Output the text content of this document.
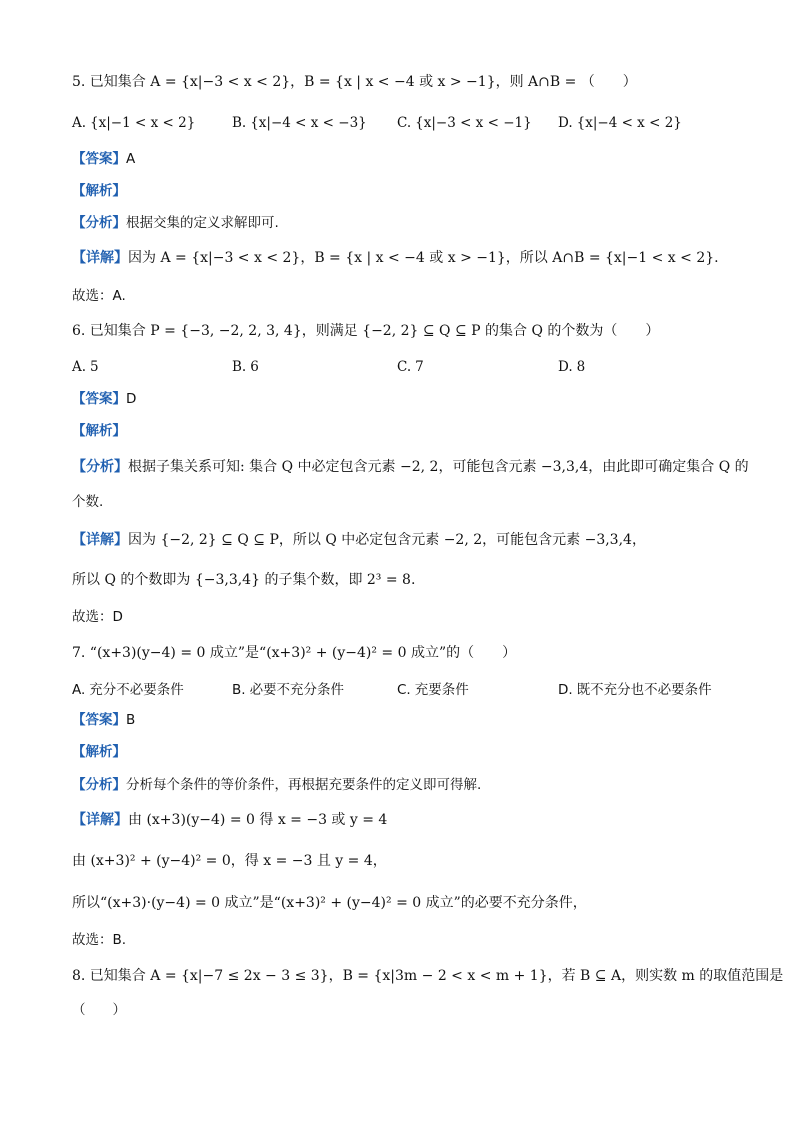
5. 已知集合 A = {x|−3 < x < 2}，B = {x | x < −4 或 x > −1}，则 A∩B = （　　）
A. {x|−1 < x < 2}	B. {x|−4 < x < −3} C. {x|−3 < x < −1} D. {x|−4 < x < 2}
【答案】A
【解析】
【分析】根据交集的定义求解即可.
【详解】因为 A = {x|−3 < x < 2}，B = {x | x < −4 或 x > −1}，所以 A∩B = {x|−1 < x < 2}.
故选：A.
6. 已知集合 P = {−3, −2, 2, 3, 4}，则满足 {−2, 2} ⊆ Q ⊆ P 的集合 Q 的个数为（　　）
A. 5	B. 6	C. 7	D. 8
【答案】D
【解析】
【分析】根据子集关系可知: 集合 Q 中必定包含元素 −2, 2，可能包含元素 −3,3,4，由此即可确定集合 Q 的
个数.
【详解】因为 {−2, 2} ⊆ Q ⊆ P，所以 Q 中必定包含元素 −2, 2，可能包含元素 −3,3,4，
所以 Q 的个数即为 {−3,3,4} 的子集个数，即 2³ = 8.
故选：D
7. “(x+3)(y−4) = 0 成立”是“(x+3)² + (y−4)² = 0 成立”的（　　）
A. 充分不必要条件	B. 必要不充分条件	C. 充要条件	D. 既不充分也不必要条件
【答案】B
【解析】
【分析】分析每个条件的等价条件，再根据充要条件的定义即可得解.
【详解】由 (x+3)(y−4) = 0 得 x = −3 或 y = 4
由 (x+3)² + (y−4)² = 0，得 x = −3 且 y = 4，
所以“(x+3)·(y−4) = 0 成立”是“(x+3)² + (y−4)² = 0 成立”的必要不充分条件，
故选：B.
8. 已知集合 A = {x|−7 ≤ 2x − 3 ≤ 3}，B = {x|3m − 2 < x < m + 1}，若 B ⊆ A，则实数 m 的取值范围是
（　　）
